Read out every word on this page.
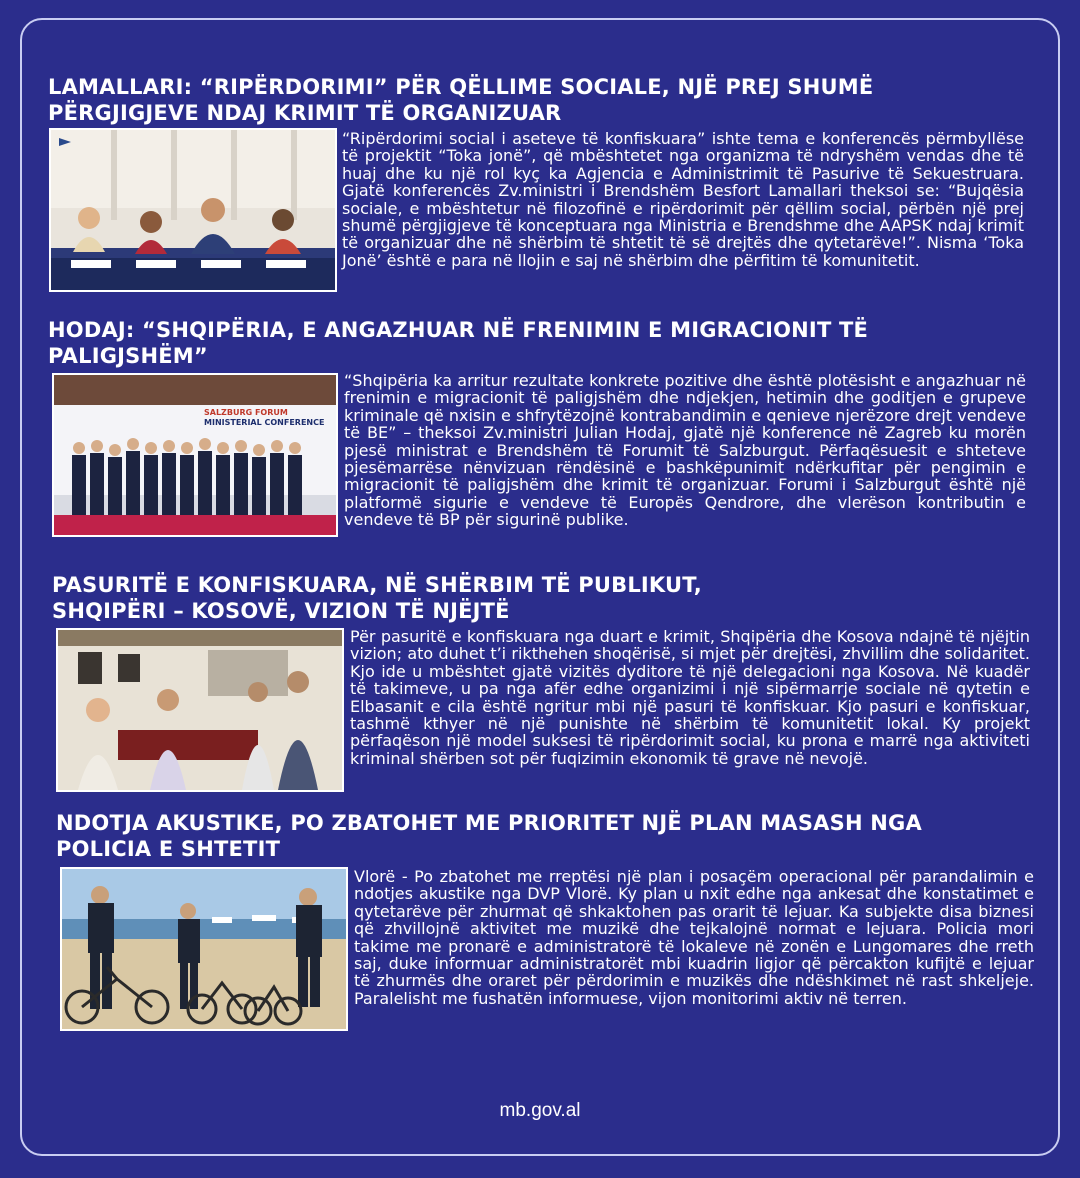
LAMALLARI: “RIPËRDORIMI” PËR QËLLIME SOCIALE, NJË PREJ SHUMË
PËRGJIGJEVE NDAJ KRIMIT TË ORGANIZUAR

“Ripërdorimi social i aseteve të konfiskuara” ishte tema e konferencës përmbyllëse të projektit “Toka jonë”, që mbështetet nga organizma të ndryshëm vendas dhe të huaj dhe ku një rol kyç ka Agjencia e Administrimit të Pasurive të Sekuestruara. Gjatë konferencës Zv.ministri i Brendshëm Besfort Lamallari theksoi se: “Bujqësia sociale, e mbështetur në filozofinë e ripërdorimit për qëllim social, përbën një prej shumë përgjigjeve të konceptuara nga Ministria e Brendshme dhe AAPSK ndaj krimit të organizuar dhe në shërbim të shtetit të së drejtës dhe qytetarëve!”. Nisma ‘Toka Jonë’ është e para në llojin e saj në shërbim dhe përfitim të komunitetit.

HODAJ: “SHQIPËRIA, E ANGAZHUAR NË FRENIMIN E MIGRACIONIT TË
PALIGJSHËM”
SALZBURG FORUM
MINISTERIAL CONFERENCE

“Shqipëria ka arritur rezultate konkrete pozitive dhe është plotësisht e angazhuar në frenimin e migracionit të paligjshëm dhe ndjekjen, hetimin dhe goditjen e grupeve kriminale që nxisin e shfrytëzojnë kontrabandimin e qenieve njerëzore drejt vendeve të BE” – theksoi Zv.ministri Julian Hodaj, gjatë një konference në Zagreb ku morën pjesë ministrat e Brendshëm të Forumit të Salzburgut. Përfaqësuesit e shteteve pjesëmarrëse nënvizuan rëndësinë e bashkëpunimit ndërkufitar për pengimin e migracionit të paligjshëm dhe krimit të organizuar. Forumi i Salzburgut është një platformë sigurie e vendeve të Europës Qendrore, dhe vlerëson kontributin e vendeve të BP për sigurinë publike.

PASURITË E KONFISKUARA, NË SHËRBIM TË PUBLIKUT,
SHQIPËRI – KOSOVË, VIZION TË NJËJTË

Për pasuritë e konfiskuara nga duart e krimit, Shqipëria dhe Kosova ndajnë të njëjtin vizion; ato duhet t’i rikthehen shoqërisë, si mjet për drejtësi, zhvillim dhe solidaritet. Kjo ide u mbështet gjatë vizitës dyditore të një delegacioni nga Kosova. Në kuadër të takimeve, u pa nga afër edhe organizimi i një sipërmarrje sociale në qytetin e Elbasanit e cila është ngritur mbi një pasuri të konfiskuar. Kjo pasuri e konfiskuar, tashmë kthyer në një punishte në shërbim të komunitetit lokal. Ky projekt përfaqëson një model suksesi të ripërdorimit social, ku prona e marrë nga aktiviteti kriminal shërben sot për fuqizimin ekonomik të grave në nevojë.

NDOTJA AKUSTIKE, PO ZBATOHET ME PRIORITET NJË PLAN MASASH NGA
POLICIA E SHTETIT

Vlorë - Po zbatohet me rreptësi një plan i posaçëm operacional për parandalimin e ndotjes akustike nga DVP Vlorë. Ky plan u nxit edhe nga ankesat dhe konstatimet e qytetarëve për zhurmat që shkaktohen pas orarit të lejuar. Ka subjekte disa biznesi që zhvillojnë aktivitet me muzikë dhe tejkalojnë normat e lejuara. Policia mori takime me pronarë e administratorë të lokaleve në zonën e Lungomares dhe rreth saj, duke informuar administratorët mbi kuadrin ligjor që përcakton kufijtë e lejuar të zhurmës dhe oraret për përdorimin e muzikës dhe ndëshkimet në rast shkeljeje. Paralelisht me fushatën informuese, vijon monitorimi aktiv në terren.

mb.gov.al
